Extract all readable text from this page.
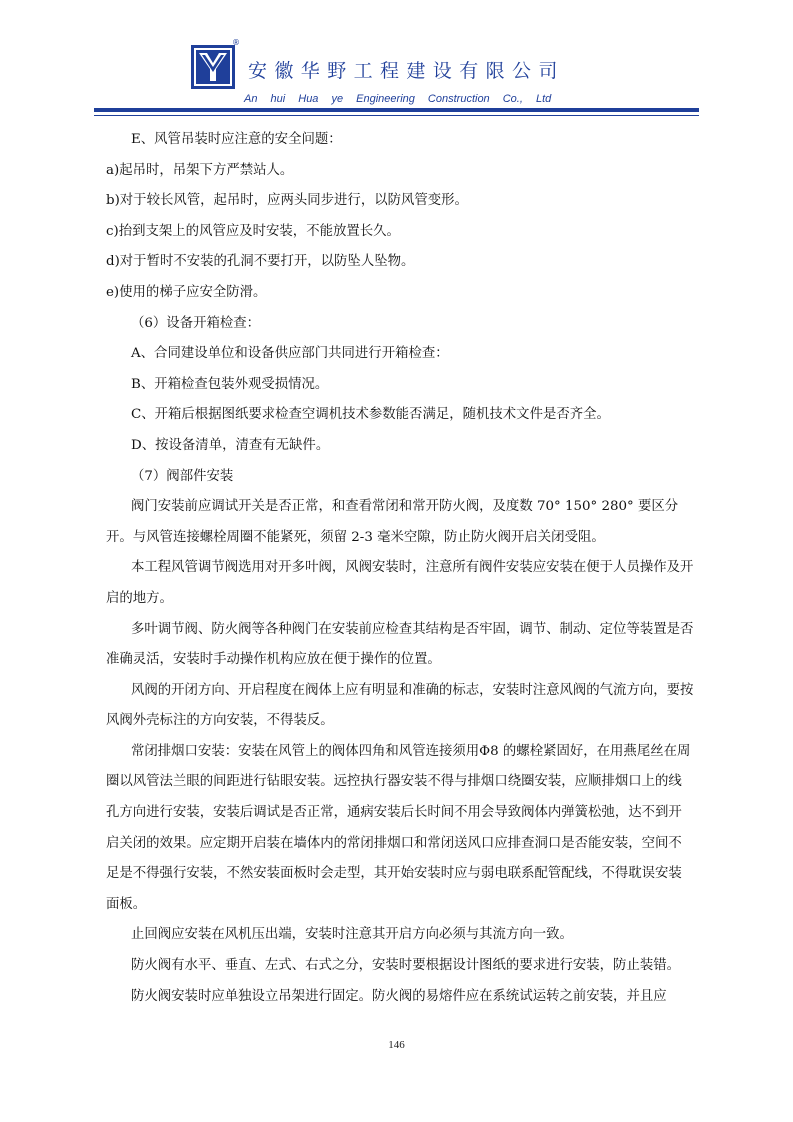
®
安徽华野工程建设有限公司
An hui Hua ye Engineering Construction Co., Ltd

E、风管吊装时应注意的安全问题：

a)起吊时，吊架下方严禁站人。

b)对于较长风管，起吊时，应两头同步进行，以防风管变形。

c)抬到支架上的风管应及时安装，不能放置长久。

d)对于暂时不安装的孔洞不要打开，以防坠人坠物。

e)使用的梯子应安全防滑。

（6）设备开箱检查：

A、合同建设单位和设备供应部门共同进行开箱检查：

B、开箱检查包装外观受损情况。

C、开箱后根据图纸要求检查空调机技术参数能否满足，随机技术文件是否齐全。

D、按设备清单，清查有无缺件。

（7）阀部件安装

阀门安装前应调试开关是否正常，和查看常闭和常开防火阀，及度数 70° 150° 280° 要区分开。与风管连接螺栓周圈不能紧死，须留 2-3 毫米空隙，防止防火阀开启关闭受阻。

本工程风管调节阀选用对开多叶阀，风阀安装时，注意所有阀件安装应安装在便于人员操作及开启的地方。

多叶调节阀、防火阀等各种阀门在安装前应检查其结构是否牢固，调节、制动、定位等装置是否准确灵活，安装时手动操作机构应放在便于操作的位置。

风阀的开闭方向、开启程度在阀体上应有明显和准确的标志，安装时注意风阀的气流方向，要按风阀外壳标注的方向安装，不得装反。

常闭排烟口安装：安装在风管上的阀体四角和风管连接须用Φ8 的螺栓紧固好，在用燕尾丝在周圈以风管法兰眼的间距进行钻眼安装。远控执行器安装不得与排烟口绕圈安装，应顺排烟口上的线孔方向进行安装，安装后调试是否正常，通病安装后长时间不用会导致阀体内弹簧松弛，达不到开启关闭的效果。应定期开启装在墙体内的常闭排烟口和常闭送风口应排查洞口是否能安装，空间不足是不得强行安装，不然安装面板时会走型，其开始安装时应与弱电联系配管配线，不得耽误安装面板。

止回阀应安装在风机压出端，安装时注意其开启方向必须与其流方向一致。

防火阀有水平、垂直、左式、右式之分，安装时要根据设计图纸的要求进行安装，防止装错。

防火阀安装时应单独设立吊架进行固定。防火阀的易熔件应在系统试运转之前安装，并且应

146
